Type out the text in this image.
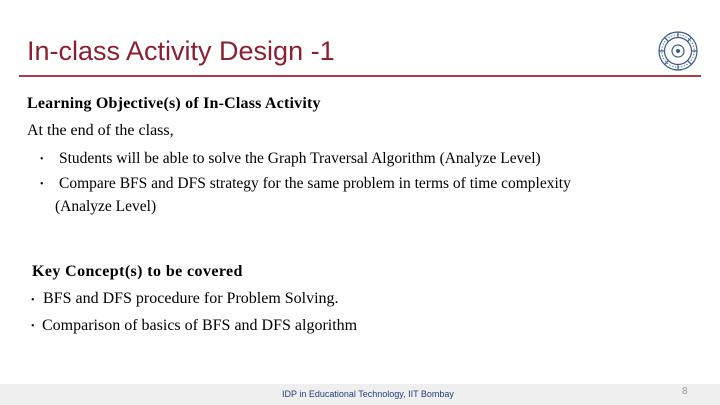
In-class Activity Design -1
Learning Objective(s) of In-Class Activity
At the end of the class,
• Students will be able to solve the Graph Traversal Algorithm (Analyze Level)
• Compare BFS and DFS strategy for the same problem in terms of time complexity
(Analyze Level)
Key Concept(s) to be covered
• BFS and DFS procedure for Problem Solving.
• Comparison of basics of BFS and DFS algorithm
IDP in Educational Technology, IIT Bombay	8
